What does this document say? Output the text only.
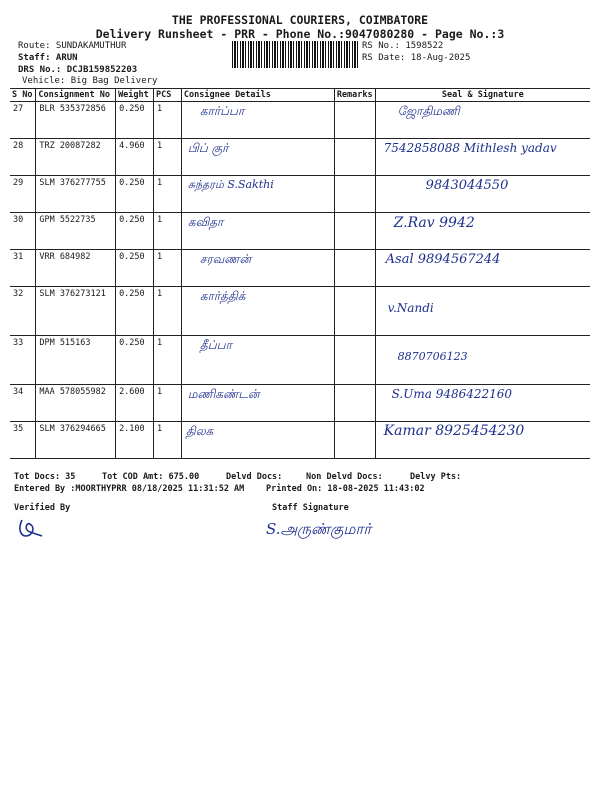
THE PROFESSIONAL COURIERS, COIMBATORE
Delivery Runsheet - PRR - Phone No.:9047080280 - Page No.:3
Route: SUNDAKAMUTHUR
Staff: ARUN
DRS No.: DCJB159852203
Vehicle: Big Bag Delivery
RS No.: 1598522
RS Date: 18-Aug-2025
S No	Consignment No	Weight	PCS	Consignee Details	Remarks	Seal & Signature
27	BLR 535372856	0.250	1	கார்ப்பா		ஜோதிமணி
28	TRZ 20087282	4.960	1	பிப் குர்		7542858088 Mithlesh yadav
29	SLM 376277755	0.250	1	சுந்தரம் S.Sakthi		9843044550
30	GPM 5522735	0.250	1	கவிதா		Z.Rav 9942
31	VRR 684982	0.250	1	சரவணன்		Asal 9894567244
32	SLM 376273121	0.250	1	கார்த்திக்		v.Nandi
33	DPM 515163	0.250	1	தீப்பா		8870706123
34	MAA 578055982	2.600	1	மணிகண்டன்		S.Uma 9486422160
35	SLM 376294665	2.100	1	திலக		Kamar 8925454230
Tot Docs: 35	Tot COD Amt: 675.00	Delvd Docs:	Non Delvd Docs:	Delvy Pts:
Entered By :MOORTHYPRR 08/18/2025 11:31:52 AM	Printed On: 18-08-2025 11:43:02
Verified By	Staff Signature
S.அருண்குமார்
